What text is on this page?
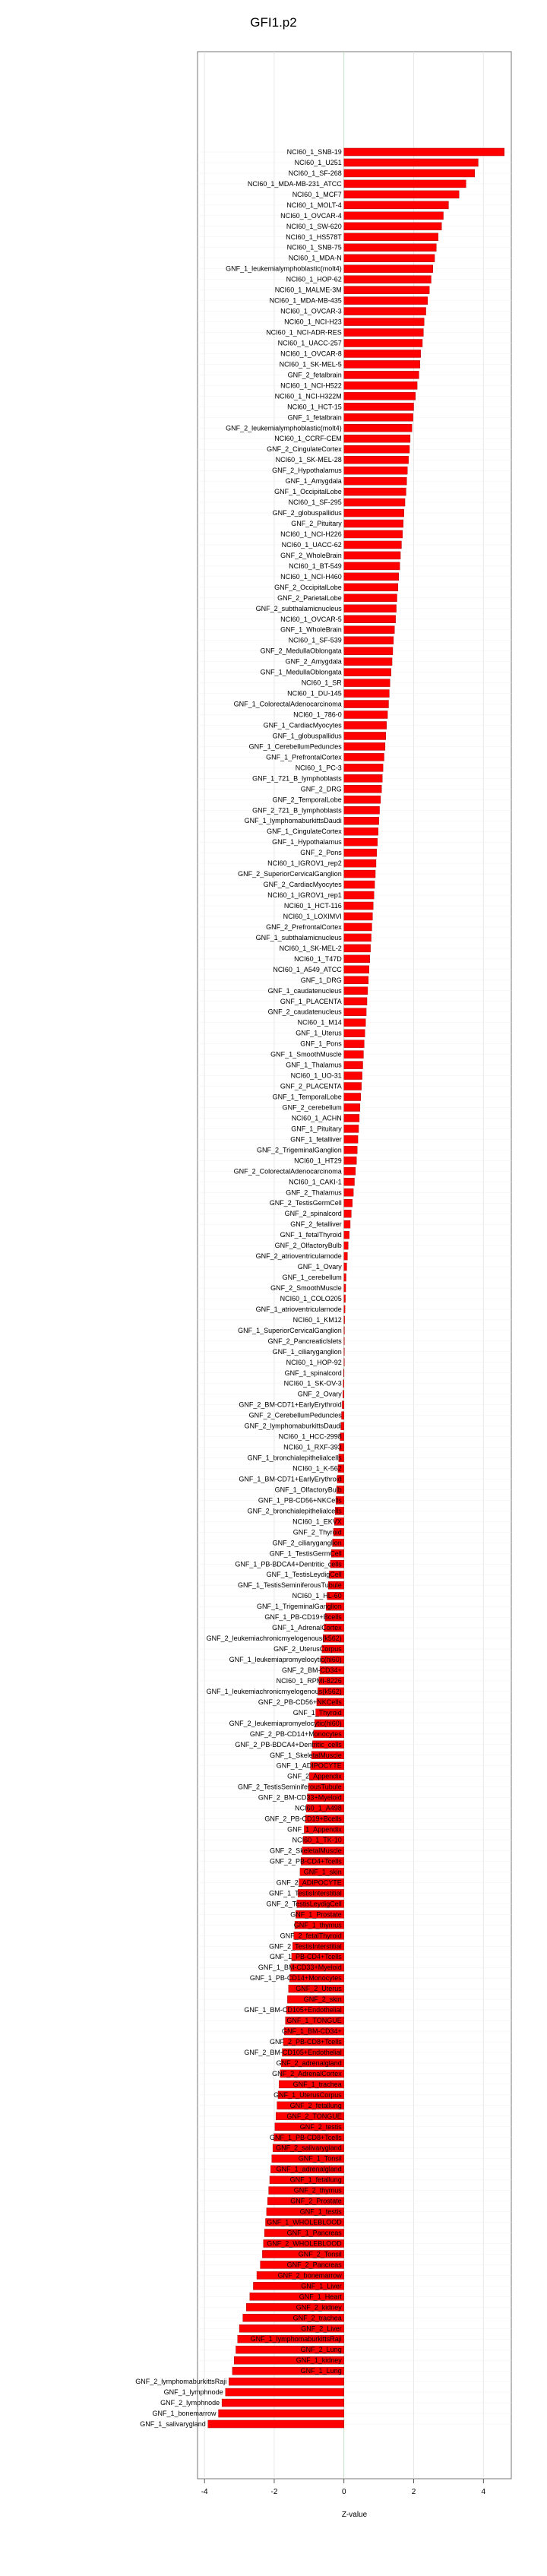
GFI1.p2
NCI60_1_SNB-19
NCI60_1_U251
NCI60_1_SF-268
NCI60_1_MDA-MB-231_ATCC
NCI60_1_MCF7
NCI60_1_MOLT-4
NCI60_1_OVCAR-4
NCI60_1_SW-620
NCI60_1_HS578T
NCI60_1_SNB-75
NCI60_1_MDA-N
GNF_1_leukemialymphoblastic(molt4)
NCI60_1_HOP-62
NCI60_1_MALME-3M
NCI60_1_MDA-MB-435
NCI60_1_OVCAR-3
NCI60_1_NCI-H23
NCI60_1_NCI-ADR-RES
NCI60_1_UACC-257
NCI60_1_OVCAR-8
NCI60_1_SK-MEL-5
GNF_2_fetalbrain
NCI60_1_NCI-H522
NCI60_1_NCI-H322M
NCI60_1_HCT-15
GNF_1_fetalbrain
GNF_2_leukemialymphoblastic(molt4)
NCI60_1_CCRF-CEM
GNF_2_CingulateCortex
NCI60_1_SK-MEL-28
GNF_2_Hypothalamus
GNF_1_Amygdala
GNF_1_OccipitalLobe
NCI60_1_SF-295
GNF_2_globuspallidus
GNF_2_Pituitary
NCI60_1_NCI-H226
NCI60_1_UACC-62
GNF_2_WholeBrain
NCI60_1_BT-549
NCI60_1_NCI-H460
GNF_2_OccipitalLobe
GNF_2_ParietalLobe
GNF_2_subthalamicnucleus
NCI60_1_OVCAR-5
GNF_1_WholeBrain
NCI60_1_SF-539
GNF_2_MedullaOblongata
GNF_2_Amygdala
GNF_1_MedullaOblongata
NCI60_1_SR
NCI60_1_DU-145
GNF_1_ColorectalAdenocarcinoma
NCI60_1_786-0
GNF_1_CardiacMyocytes
GNF_1_globuspallidus
GNF_1_CerebellumPeduncles
GNF_1_PrefrontalCortex
NCI60_1_PC-3
GNF_1_721_B_lymphoblasts
GNF_2_DRG
GNF_2_TemporalLobe
GNF_2_721_B_lymphoblasts
GNF_1_lymphomaburkittsDaudi
GNF_1_CingulateCortex
GNF_1_Hypothalamus
GNF_2_Pons
NCI60_1_IGROV1_rep2
GNF_2_SuperiorCervicalGanglion
GNF_2_CardiacMyocytes
NCI60_1_IGROV1_rep1
NCI60_1_HCT-116
NCI60_1_LOXIMVI
GNF_2_PrefrontalCortex
GNF_1_subthalamicnucleus
NCI60_1_SK-MEL-2
NCI60_1_T47D
NCI60_1_A549_ATCC
GNF_1_DRG
GNF_1_caudatenucleus
GNF_1_PLACENTA
GNF_2_caudatenucleus
NCI60_1_M14
GNF_1_Uterus
GNF_1_Pons
GNF_1_SmoothMuscle
GNF_1_Thalamus
NCI60_1_UO-31
GNF_2_PLACENTA
GNF_1_TemporalLobe
GNF_2_cerebellum
NCI60_1_ACHN
GNF_1_Pituitary
GNF_1_fetalliver
GNF_2_TrigeminalGanglion
NCI60_1_HT29
GNF_2_ColorectalAdenocarcinoma
NCI60_1_CAKI-1
GNF_2_Thalamus
GNF_2_TestisGermCell
GNF_2_spinalcord
GNF_2_fetalliver
GNF_1_fetalThyroid
GNF_2_OlfactoryBulb
GNF_2_atrioventricularnode
GNF_1_Ovary
GNF_1_cerebellum
GNF_2_SmoothMuscle
NCI60_1_COLO205
GNF_1_atrioventricularnode
NCI60_1_KM12
GNF_1_SuperiorCervicalGanglion
GNF_2_Pancreaticlslets
GNF_1_ciliaryganglion
NCI60_1_HOP-92
GNF_1_spinalcord
NCI60_1_SK-OV-3
GNF_2_Ovary
GNF_2_BM-CD71+EarlyErythroid
GNF_2_CerebellumPeduncles
GNF_2_lymphomaburkittsDaudi
NCI60_1_HCC-2998
NCI60_1_RXF-393
GNF_1_bronchialepithelialcells
NCI60_1_K-562
GNF_1_BM-CD71+EarlyErythroid
GNF_1_OlfactoryBulb
GNF_1_PB-CD56+NKCells
GNF_2_bronchialepithelialcells
NCI60_1_EKVX
GNF_2_Thyroid
GNF_2_ciliaryganglion
GNF_1_TestisGermCell
GNF_1_PB-BDCA4+Dentritic_cells
GNF_1_TestisLeydigCell
GNF_1_TestisSeminiferousTubule
NCI60_1_HL-60
GNF_1_TrigeminalGanglion
GNF_1_PB-CD19+Bcells
GNF_1_AdrenalCortex
GNF_2_leukemiachronicmyelogenous(k562)
GNF_2_UterusCorpus
GNF_1_leukemiapromyelocytic(hl60)
GNF_2_BM-CD34+
NCI60_1_RPMI-8226
GNF_1_leukemiachronicmyelogenous(k562)
GNF_2_PB-CD56+NKCells
GNF_1_Thyroid
GNF_2_leukemiapromyelocytic(hl60)
GNF_2_PB-CD14+Monocytes
GNF_2_PB-BDCA4+Dentritic_cells
GNF_1_SkeletalMuscle
GNF_1_ADIPOCYTE
GNF_2_Appendix
GNF_2_TestisSeminiferousTubule
GNF_2_BM-CD33+Myeloid
NCI60_1_A498
GNF_2_PB-CD19+Bcells
GNF_1_Appendix
NCI60_1_TK-10
GNF_2_SkeletalMuscle
GNF_2_PB-CD4+Tcells
GNF_1_skin
GNF_2_ADIPOCYTE
GNF_1_TestisInterstitial
GNF_2_TestisLeydigCell
GNF_1_Prostate
GNF_1_thymus
GNF_2_fetalThyroid
GNF_2_TestisInterstitial
GNF_1_PB-CD4+Tcells
GNF_1_BM-CD33+Myeloid
GNF_1_PB-CD14+Monocytes
GNF_2_Uterus
GNF_2_skin
GNF_1_BM-CD105+Endothelial
GNF_1_TONGUE
GNF_1_BM-CD34+
GNF_2_PB-CD8+Tcells
GNF_2_BM-CD105+Endothelial
GNF_2_adrenalgland
GNF_2_AdrenalCortex
GNF_1_trachea
GNF_1_UterusCorpus
GNF_2_fetallung
GNF_2_TONGUE
GNF_2_testis
GNF_1_PB-CD8+Tcells
GNF_2_salivarygland
GNF_1_Tonsil
GNF_1_adrenalgland
GNF_1_fetallung
GNF_2_thymus
GNF_2_Prostate
GNF_1_testis
GNF_1_WHOLEBLOOD
GNF_1_Pancreas
GNF_2_WHOLEBLOOD
GNF_2_Tonsil
GNF_2_Pancreas
GNF_2_bonemarrow
GNF_1_Liver
GNF_1_Heart
GNF_2_kidney
GNF_2_trachea
GNF_2_Liver
GNF_1_lymphomaburkittsRaji
GNF_2_Lung
GNF_1_kidney
GNF_1_Lung
GNF_2_lymphomaburkittsRaji
GNF_1_lymphnode
GNF_2_lymphnode
GNF_1_bonemarrow
GNF_1_salivarygland
-4	-2	0	2	4
Z-value
